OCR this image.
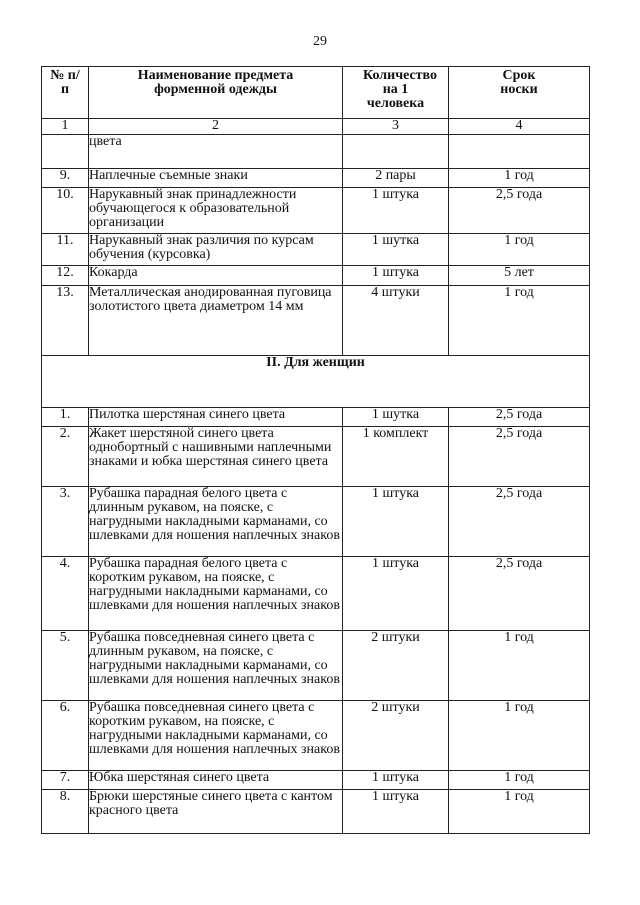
29
№ п/п	Наименование предмета форменной одежды	Количество на 1 человека	Срок носки
1	2	3	4
	цвета		
9.	Наплечные съемные знаки	2 пары	1 год
10.	Нарукавный знак принадлежности обучающегося к образовательной организации	1 штука	2,5 года
11.	Нарукавный знак различия по курсам обучения (курсовка)	1 шутка	1 год
12.	Кокарда	1 штука	5 лет
13.	Металлическая анодированная пуговица золотистого цвета диаметром 14 мм	4 штуки	1 год
II. Для женщин			
1.	Пилотка шерстяная синего цвета	1 шутка	2,5 года
2.	Жакет шерстяной синего цвета однобортный с нашивными наплечными знаками и юбка шерстяная синего цвета	1 комплект	2,5 года
3.	Рубашка парадная белого цвета с длинным рукавом, на пояске, с нагрудными накладными карманами, со шлевками для ношения наплечных знаков	1 штука	2,5 года
4.	Рубашка парадная белого цвета с коротким рукавом, на пояске, с нагрудными накладными карманами, со шлевками для ношения наплечных знаков	1 штука	2,5 года
5.	Рубашка повседневная синего цвета с длинным рукавом, на пояске, с нагрудными накладными карманами, со шлевками для ношения наплечных знаков	2 штуки	1 год
6.	Рубашка повседневная синего цвета с коротким рукавом, на пояске, с нагрудными накладными карманами, со шлевками для ношения наплечных знаков	2 штуки	1 год
7.	Юбка шерстяная синего цвета	1 штука	1 год
8.	Брюки шерстяные синего цвета с кантом красного цвета	1 штука	1 год
